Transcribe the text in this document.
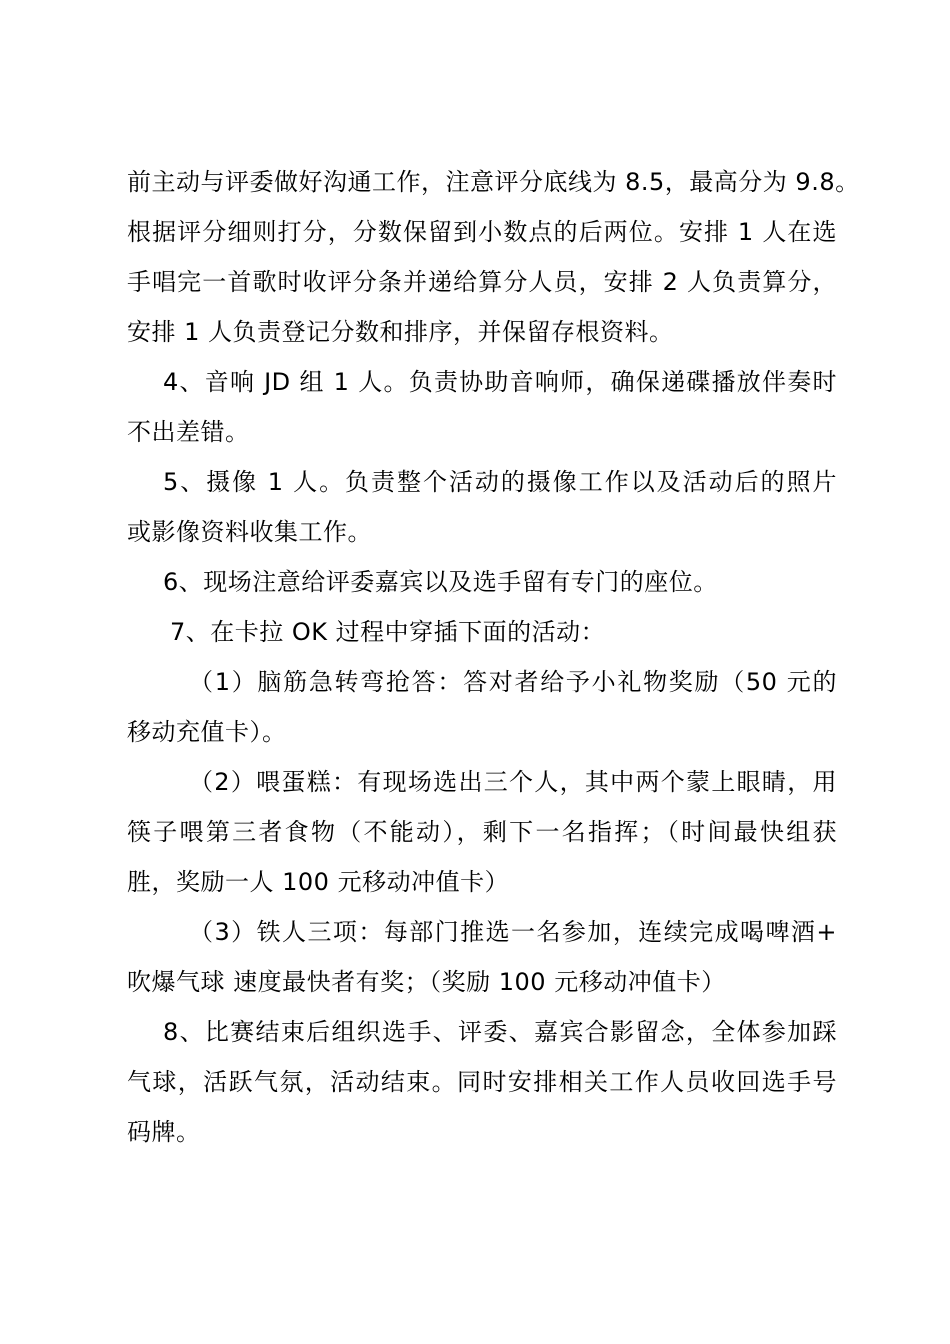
前主动与评委做好沟通工作，注意评分底线为 8.5，最高分为 9.8。
根据评分细则打分，分数保留到小数点的后两位。安排 1 人在选
手唱完一首歌时收评分条并递给算分人员，安排 2 人负责算分，
安排 1 人负责登记分数和排序，并保留存根资料。
4、音响 JD 组 1 人。负责协助音响师，确保递碟播放伴奏时
不出差错。
5、摄像 1 人。负责整个活动的摄像工作以及活动后的照片
或影像资料收集工作。
6、现场注意给评委嘉宾以及选手留有专门的座位。
7、在卡拉 OK 过程中穿插下面的活动：
（1）脑筋急转弯抢答：答对者给予小礼物奖励（50 元的
移动充值卡）。
（2）喂蛋糕：有现场选出三个人，其中两个蒙上眼睛，用
筷子喂第三者食物（不能动），剩下一名指挥；（时间最快组获
胜，奖励一人 100 元移动冲值卡）
（3）铁人三项：每部门推选一名参加，连续完成喝啤酒+
吹爆气球 速度最快者有奖；（奖励 100 元移动冲值卡）
8、比赛结束后组织选手、评委、嘉宾合影留念，全体参加踩
气球，活跃气氛，活动结束。同时安排相关工作人员收回选手号
码牌。
